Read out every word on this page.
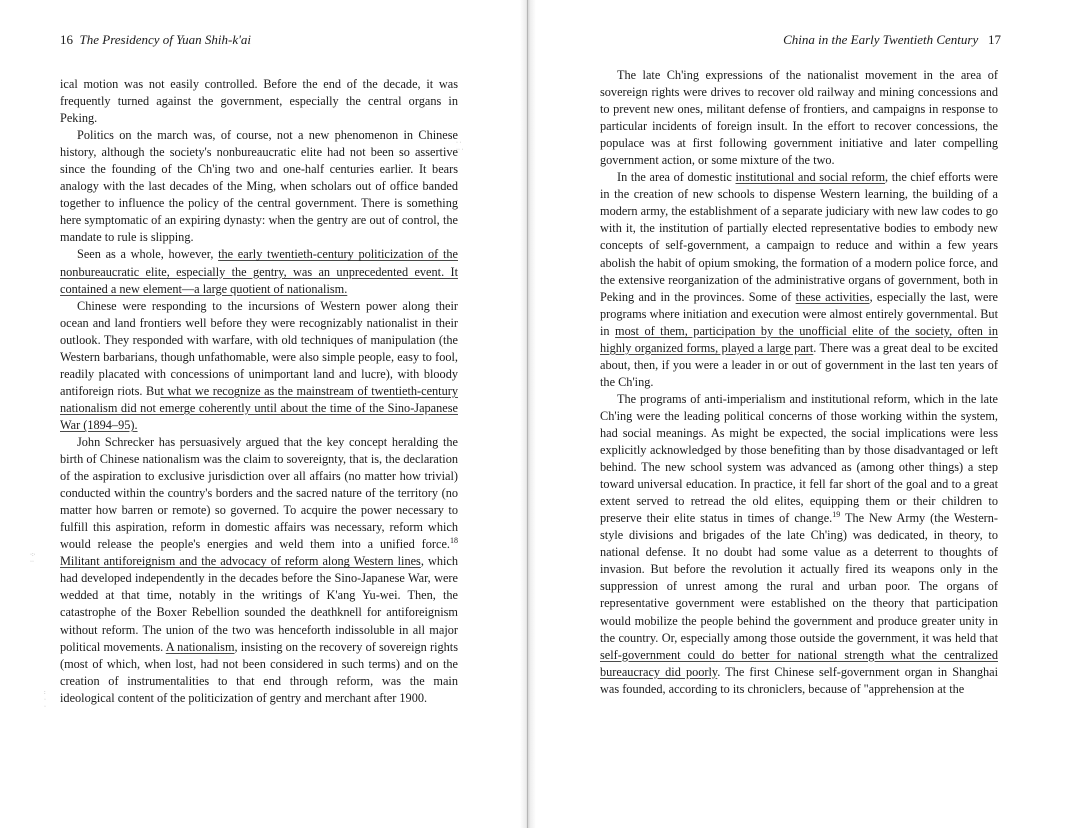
16 The Presidency of Yuan Shih-k'ai

ical motion was not easily controlled. Before the end of the decade, it was frequently turned against the government, especially the central organs in Peking.

Politics on the march was, of course, not a new phenomenon in Chinese history, although the society's nonbureaucratic elite had not been so assertive since the founding of the Ch'ing two and one-half centuries earlier. It bears analogy with the last decades of the Ming, when scholars out of office banded together to influence the policy of the central government. There is something here symptomatic of an expiring dynasty: when the gentry are out of control, the mandate to rule is slipping.

Seen as a whole, however, the early twentieth-century politicization of the nonbureaucratic elite, especially the gentry, was an unprecedented event. It contained a new element—a large quotient of nationalism.

Chinese were responding to the incursions of Western power along their ocean and land frontiers well before they were recognizably nationalist in their outlook. They responded with warfare, with old techniques of manipulation (the Western barbarians, though unfathomable, were also simple people, easy to fool, readily placated with concessions of unimportant land and lucre), with bloody antiforeign riots. But what we recognize as the mainstream of twentieth-century nationalism did not emerge coherently until about the time of the Sino-Japanese War (1894–95).

John Schrecker has persuasively argued that the key concept heralding the birth of Chinese nationalism was the claim to sovereignty, that is, the declaration of the aspiration to exclusive jurisdiction over all affairs (no matter how trivial) conducted within the country's borders and the sacred nature of the territory (no matter how barren or remote) so governed. To acquire the power necessary to fulfill this aspiration, reform in domestic affairs was necessary, reform which would release the people's energies and weld them into a unified force.$^{18}$ Militant antiforeignism and the advocacy of reform along Western lines, which had developed independently in the decades before the Sino-Japanese War, were wedded at that time, notably in the writings of K'ang Yu-wei. Then, the catastrophe of the Boxer Rebellion sounded the deathknell for antiforeignism without reform. The union of the two was henceforth indissoluble in all major political movements. A nationalism, insisting on the recovery of sovereign rights (most of which, when lost, had not been considered in such terms) and on the creation of instrumentalities to that end through reform, was the main ideological content of the politicization of gentry and merchant after 1900.

· ·
·· ·
·:·
··
:
·
·
China in the Early Twentieth Century 17

The late Ch'ing expressions of the nationalist movement in the area of sovereign rights were drives to recover old railway and mining concessions and to prevent new ones, militant defense of frontiers, and campaigns in response to particular incidents of foreign insult. In the effort to recover concessions, the populace was at first following government initiative and later compelling government action, or some mixture of the two.

In the area of domestic institutional and social reform, the chief efforts were in the creation of new schools to dispense Western learning, the building of a modern army, the establishment of a separate judiciary with new law codes to go with it, the institution of partially elected representative bodies to embody new concepts of self-government, a campaign to reduce and within a few years abolish the habit of opium smoking, the formation of a modern police force, and the extensive reorganization of the administrative organs of government, both in Peking and in the provinces. Some of these activities, especially the last, were programs where initiation and execution were almost entirely governmental. But in most of them, participation by the unofficial elite of the society, often in highly organized forms, played a large part. There was a great deal to be excited about, then, if you were a leader in or out of government in the last ten years of the Ch'ing.

The programs of anti-imperialism and institutional reform, which in the late Ch'ing were the leading political concerns of those working within the system, had social meanings. As might be expected, the social implications were less explicitly acknowledged by those benefiting than by those disadvantaged or left behind. The new school system was advanced as (among other things) a step toward universal education. In practice, it fell far short of the goal and to a great extent served to retread the old elites, equipping them or their children to preserve their elite status in times of change.$^{19}$ The New Army (the Western-style divisions and brigades of the late Ch'ing) was dedicated, in theory, to national defense. It no doubt had some value as a deterrent to thoughts of invasion. But before the revolution it actually fired its weapons only in the suppression of unrest among the rural and urban poor. The organs of representative government were established on the theory that participation would mobilize the people behind the government and produce greater unity in the country. Or, especially among those outside the government, it was held that self-government could do better for national strength what the centralized bureaucracy did poorly. The first Chinese self-government organ in Shanghai was founded, according to its chroniclers, because of "apprehension at the
